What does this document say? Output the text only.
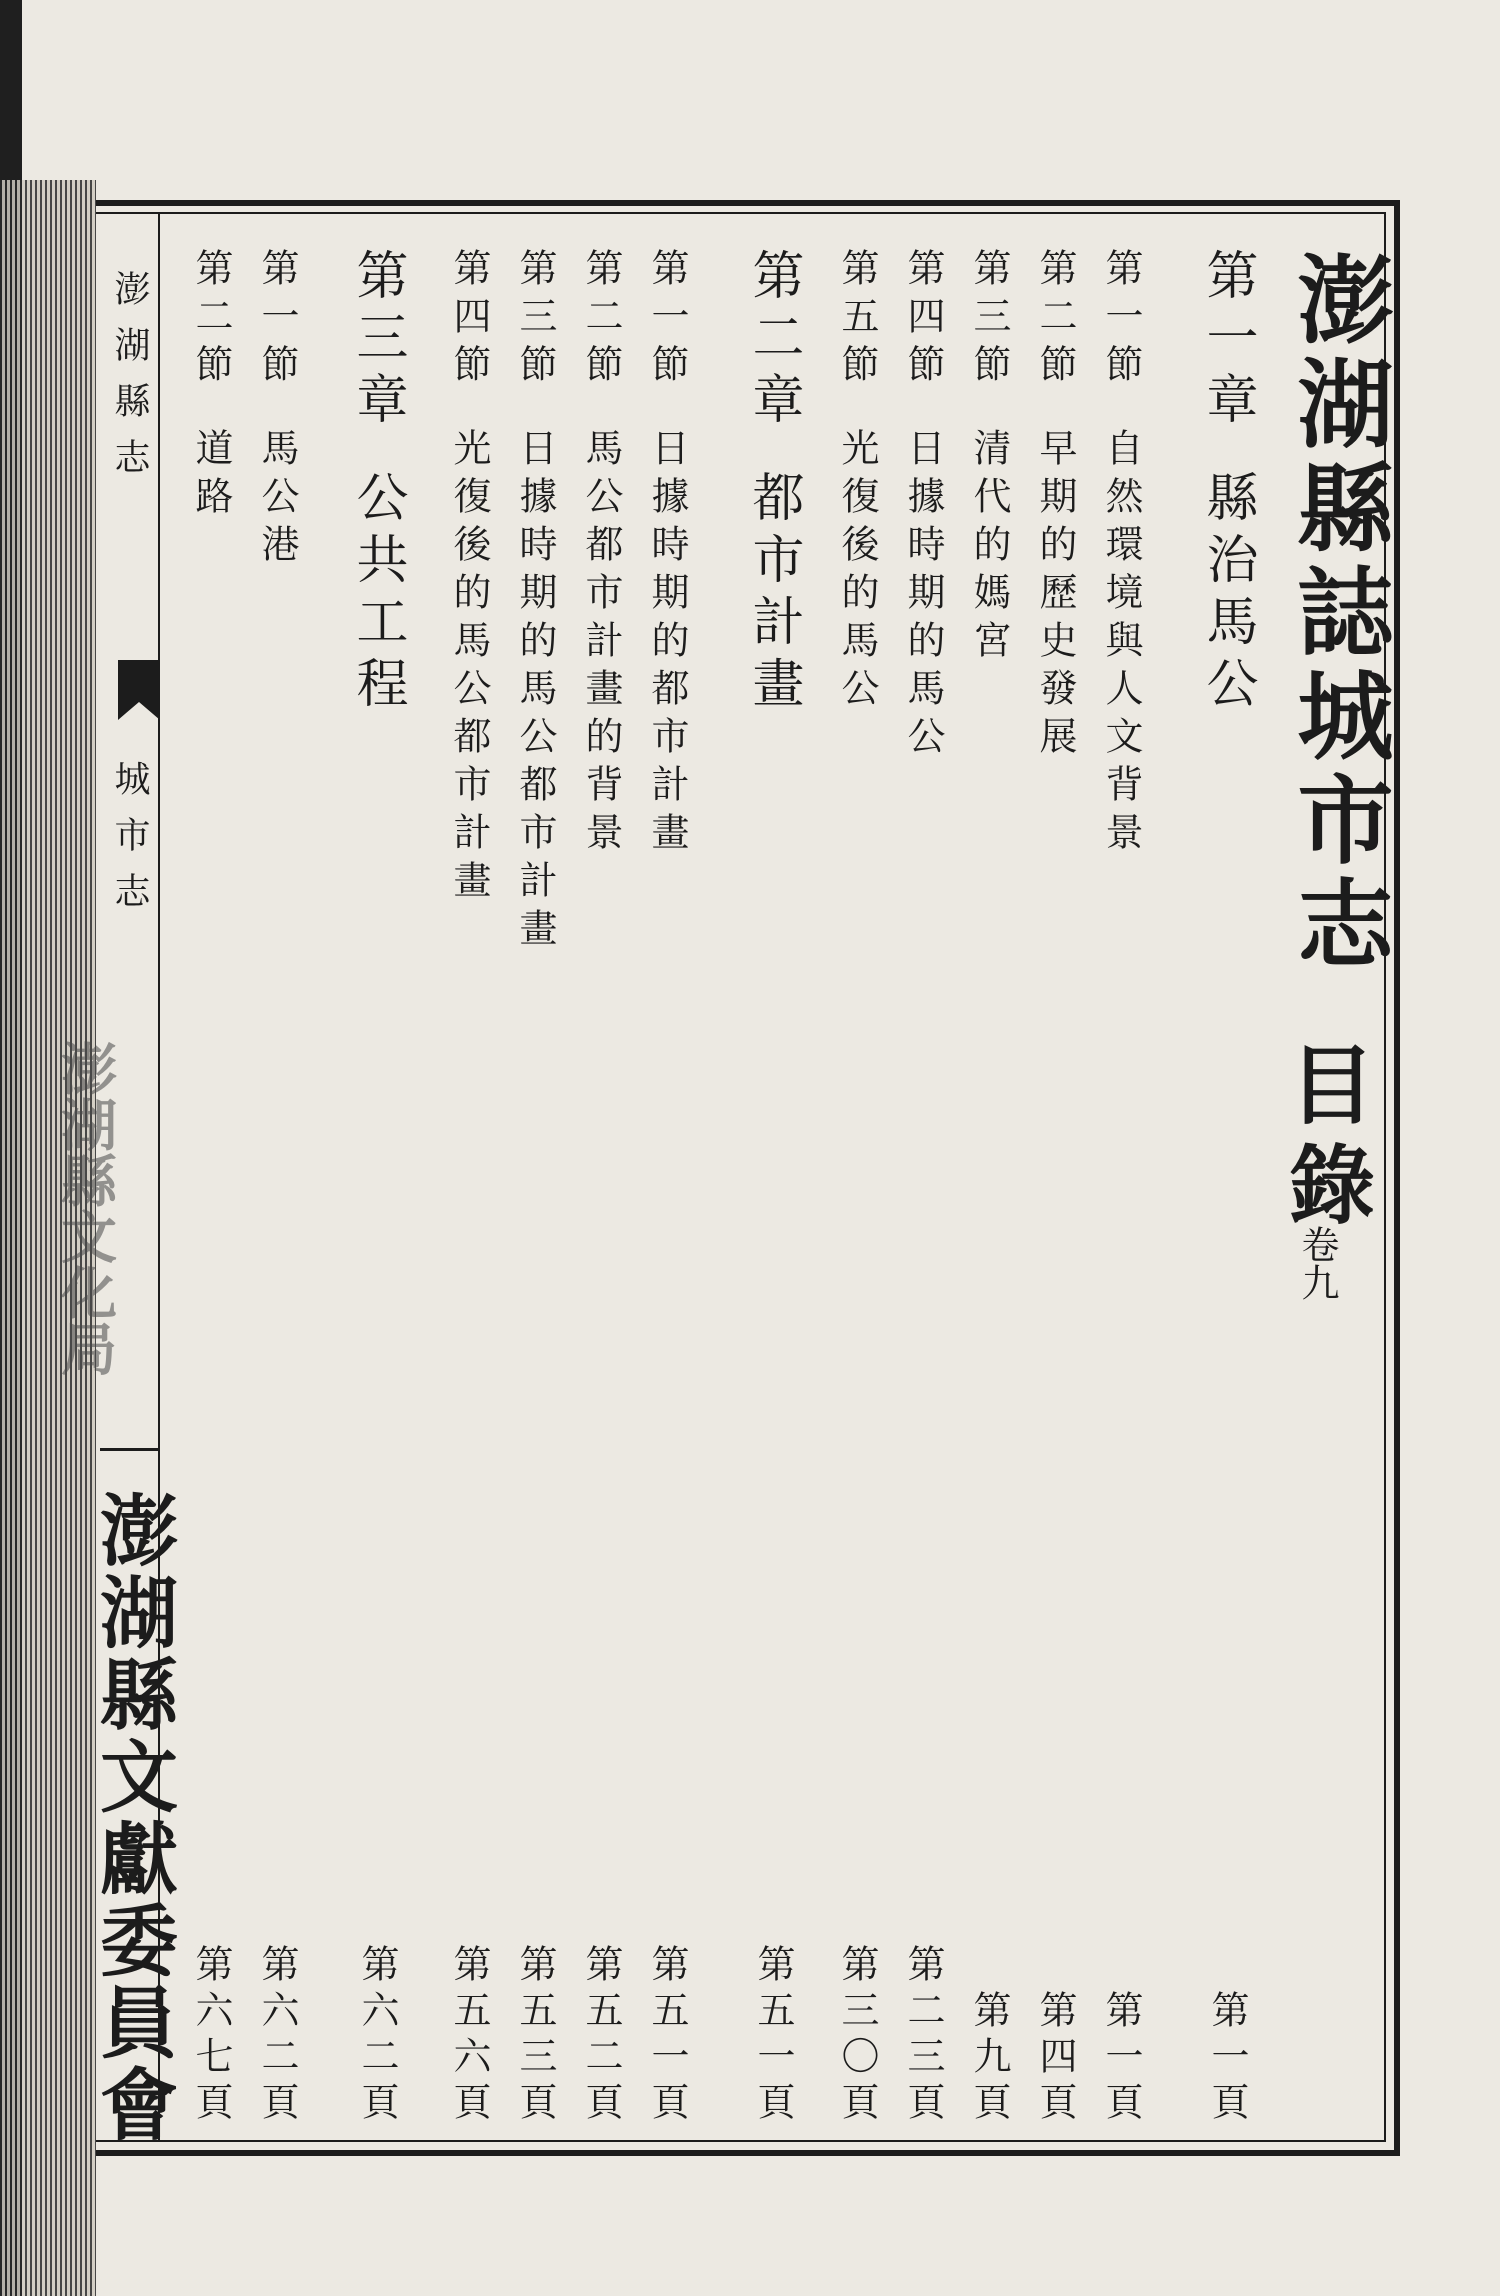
澎湖縣志
城市志
澎湖縣文化局
澎湖縣文獻委員會
澎湖縣誌城市志
目錄
卷九
第一章
縣治馬公
第一頁
第一節
自然環境與人文背景
第一頁
第二節
早期的歷史發展
第四頁
第三節
清代的媽宮
第九頁
第四節
日據時期的馬公
第二三頁
第五節
光復後的馬公
第三〇頁
第二章
都市計畫
第五一頁
第一節
日據時期的都市計畫
第五一頁
第二節
馬公都市計畫的背景
第五二頁
第三節
日據時期的馬公都市計畫
第五三頁
第四節
光復後的馬公都市計畫
第五六頁
第三章
公共工程
第六二頁
第一節
馬公港
第六二頁
第二節
道路
第六七頁
